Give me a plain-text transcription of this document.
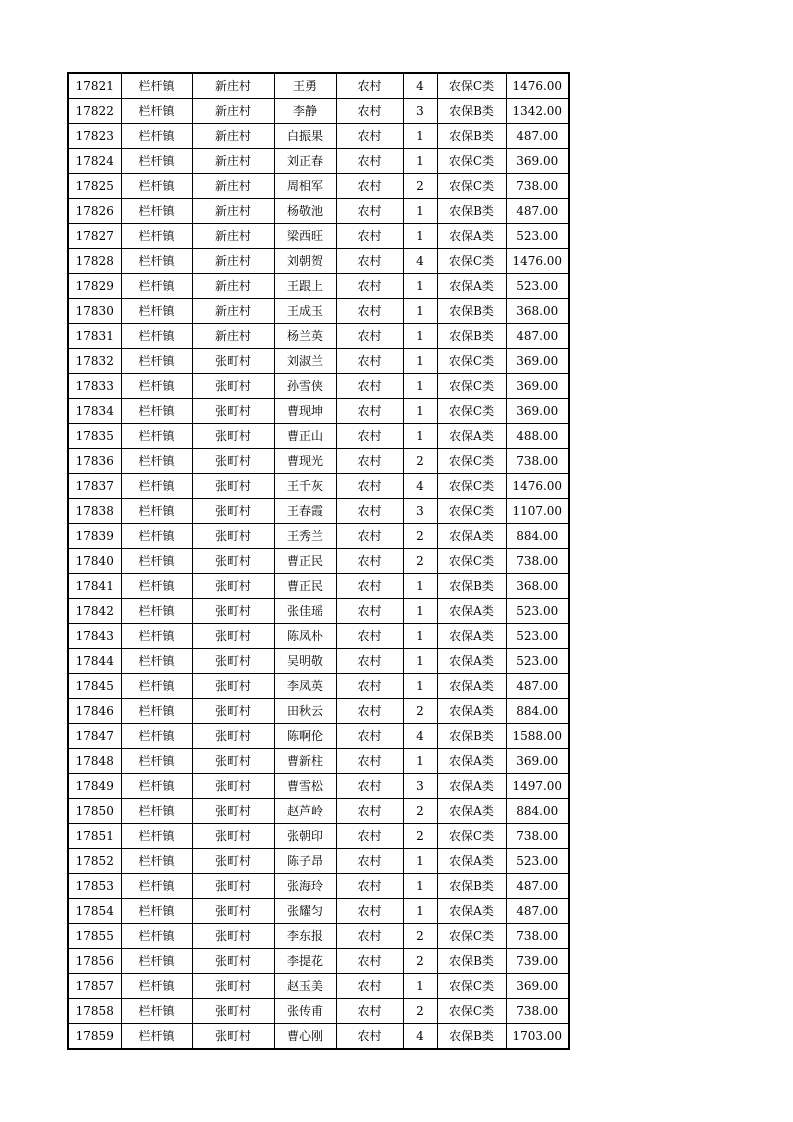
17821	栏杆镇	新庄村	王勇	农村	4	农保C类	1476.00
17822	栏杆镇	新庄村	李静	农村	3	农保B类	1342.00
17823	栏杆镇	新庄村	白振果	农村	1	农保B类	487.00
17824	栏杆镇	新庄村	刘正春	农村	1	农保C类	369.00
17825	栏杆镇	新庄村	周相军	农村	2	农保C类	738.00
17826	栏杆镇	新庄村	杨敬池	农村	1	农保B类	487.00
17827	栏杆镇	新庄村	梁西旺	农村	1	农保A类	523.00
17828	栏杆镇	新庄村	刘朝贺	农村	4	农保C类	1476.00
17829	栏杆镇	新庄村	王跟上	农村	1	农保A类	523.00
17830	栏杆镇	新庄村	王成玉	农村	1	农保B类	368.00
17831	栏杆镇	新庄村	杨兰英	农村	1	农保B类	487.00
17832	栏杆镇	张町村	刘淑兰	农村	1	农保C类	369.00
17833	栏杆镇	张町村	孙雪侠	农村	1	农保C类	369.00
17834	栏杆镇	张町村	曹现坤	农村	1	农保C类	369.00
17835	栏杆镇	张町村	曹正山	农村	1	农保A类	488.00
17836	栏杆镇	张町村	曹现光	农村	2	农保C类	738.00
17837	栏杆镇	张町村	王千灰	农村	4	农保C类	1476.00
17838	栏杆镇	张町村	王春霞	农村	3	农保C类	1107.00
17839	栏杆镇	张町村	王秀兰	农村	2	农保A类	884.00
17840	栏杆镇	张町村	曹正民	农村	2	农保C类	738.00
17841	栏杆镇	张町村	曹正民	农村	1	农保B类	368.00
17842	栏杆镇	张町村	张佳瑶	农村	1	农保A类	523.00
17843	栏杆镇	张町村	陈凤朴	农村	1	农保A类	523.00
17844	栏杆镇	张町村	吴明敬	农村	1	农保A类	523.00
17845	栏杆镇	张町村	李凤英	农村	1	农保A类	487.00
17846	栏杆镇	张町村	田秋云	农村	2	农保A类	884.00
17847	栏杆镇	张町村	陈啊伦	农村	4	农保B类	1588.00
17848	栏杆镇	张町村	曹新柱	农村	1	农保A类	369.00
17849	栏杆镇	张町村	曹雪松	农村	3	农保A类	1497.00
17850	栏杆镇	张町村	赵芦岭	农村	2	农保A类	884.00
17851	栏杆镇	张町村	张朝印	农村	2	农保C类	738.00
17852	栏杆镇	张町村	陈子昂	农村	1	农保A类	523.00
17853	栏杆镇	张町村	张海玲	农村	1	农保B类	487.00
17854	栏杆镇	张町村	张耀匀	农村	1	农保A类	487.00
17855	栏杆镇	张町村	李东报	农村	2	农保C类	738.00
17856	栏杆镇	张町村	李提花	农村	2	农保B类	739.00
17857	栏杆镇	张町村	赵玉美	农村	1	农保C类	369.00
17858	栏杆镇	张町村	张传甫	农村	2	农保C类	738.00
17859	栏杆镇	张町村	曹心刚	农村	4	农保B类	1703.00
